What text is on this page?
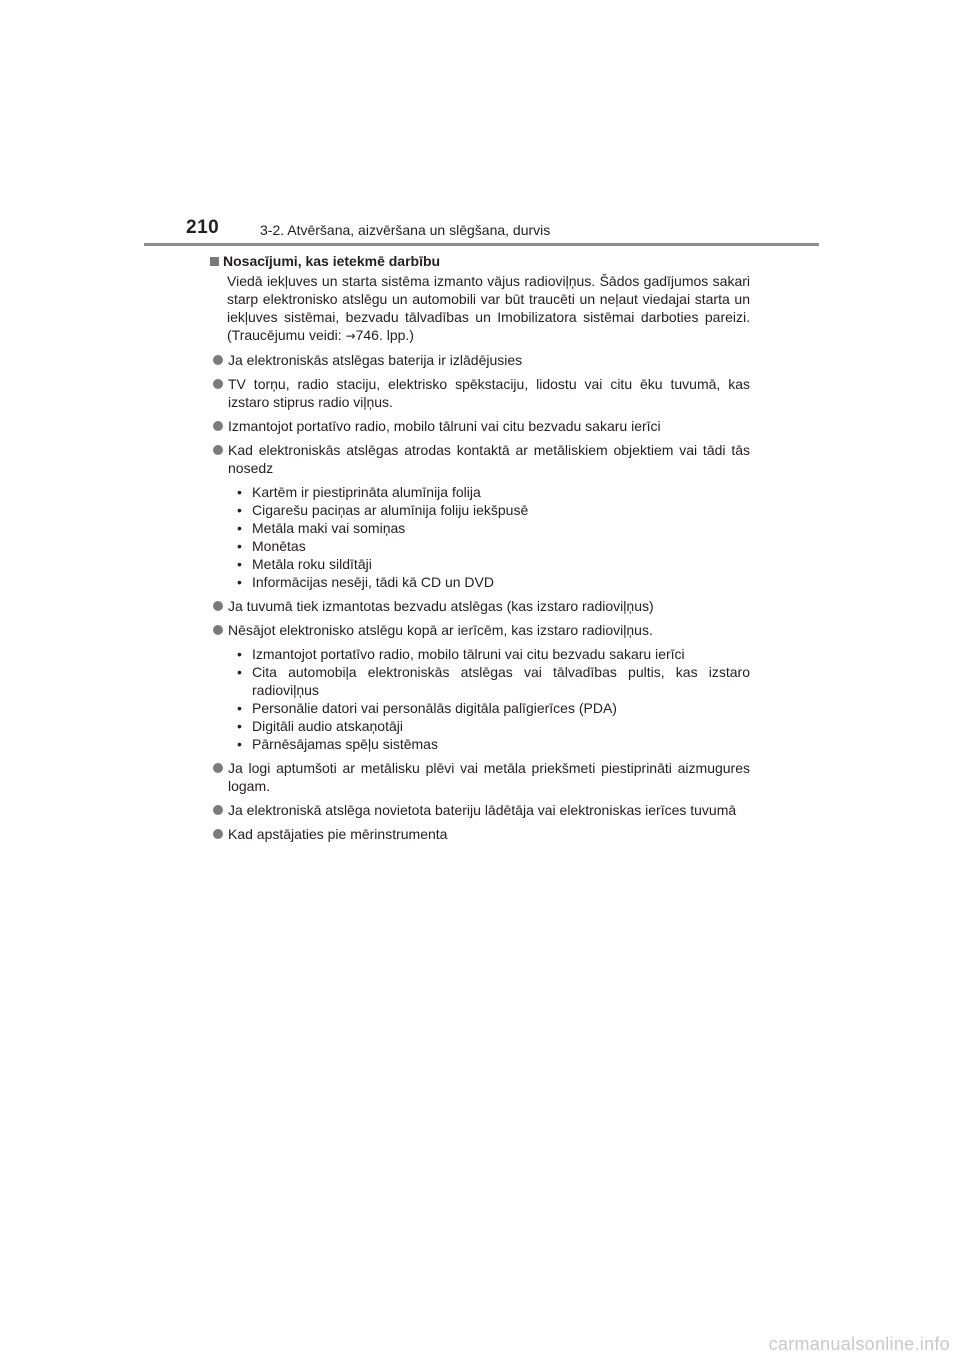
210	3-2. Atvēršana, aizvēršana un slēgšana, durvis
Nosacījumi, kas ietekmē darbību
Viedā iekļuves un starta sistēma izmanto vājus radioviļņus. Šādos gadījumos sakari starp elektronisko atslēgu un automobili var būt traucēti un neļaut viedajai starta un iekļuves sistēmai, bezvadu tālvadības un Imobilizatora sistēmai darboties pareizi. (Traucējumu veidi: →746. lpp.)
Ja elektroniskās atslēgas baterija ir izlādējusies
TV torņu, radio staciju, elektrisko spēkstaciju, lidostu vai citu ēku tuvumā, kas izstaro stiprus radio viļņus.
Izmantojot portatīvo radio, mobilo tālruni vai citu bezvadu sakaru ierīci
Kad elektroniskās atslēgas atrodas kontaktā ar metāliskiem objektiem vai tādi tās nosedz
• Kartēm ir piestiprināta alumīnija folija
• Cigarešu paciņas ar alumīnija foliju iekšpusē
• Metāla maki vai somiņas
• Monētas
• Metāla roku sildītāji
• Informācijas nesēji, tādi kā CD un DVD
Ja tuvumā tiek izmantotas bezvadu atslēgas (kas izstaro radioviļņus)
Nēsājot elektronisko atslēgu kopā ar ierīcēm, kas izstaro radioviļņus.
• Izmantojot portatīvo radio, mobilo tālruni vai citu bezvadu sakaru ierīci
• Cita automobiļa elektroniskās atslēgas vai tālvadības pultis, kas izstaro radioviļņus
• Personālie datori vai personālās digitāla palīgierīces (PDA)
• Digitāli audio atskaņotāji
• Pārnēsājamas spēļu sistēmas
Ja logi aptumšoti ar metālisku plēvi vai metāla priekšmeti piestiprināti aizmugures logam.
Ja elektroniskā atslēga novietota bateriju lādētāja vai elektroniskas ierīces tuvumā
Kad apstājaties pie mērinstrumenta
carmanualsonline.info
